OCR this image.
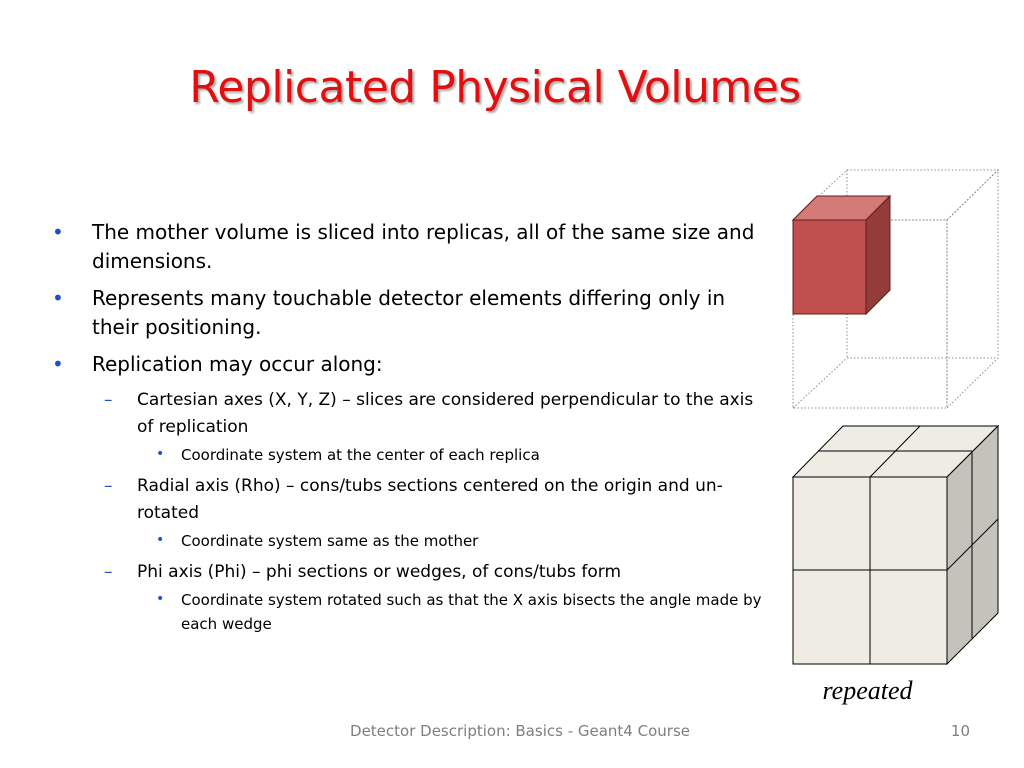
Replicated Physical Volumes
• The mother volume is sliced into replicas, all of the same size and dimensions.
• Represents many touchable detector elements differing only in their positioning.
• Replication may occur along:
– Cartesian axes (X, Y, Z) – slices are considered perpendicular to the axis of replication
• Coordinate system at the center of each replica
– Radial axis (Rho) – cons/tubs sections centered on the origin and un-rotated
• Coordinate system same as the mother
– Phi axis (Phi) – phi sections or wedges, of cons/tubs form
• Coordinate system rotated such as that the X axis bisects the angle made by each wedge
repeated
Detector Description: Basics - Geant4 Course	10
